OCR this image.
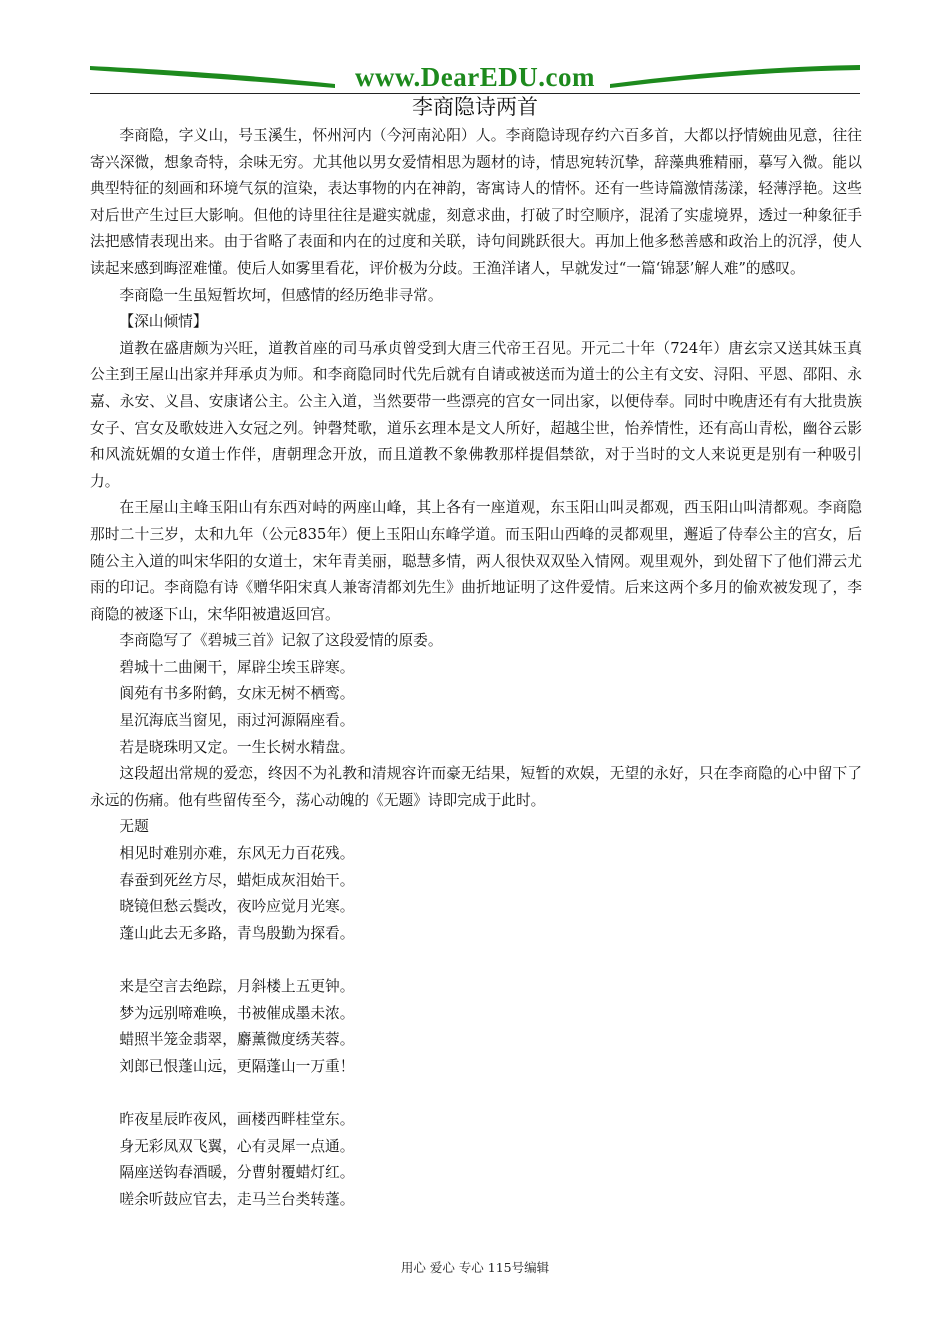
www.DearEDU.com
李商隐诗两首

李商隐，字义山，号玉溪生，怀州河内（今河南沁阳）人。李商隐诗现存约六百多首，大都以抒情婉曲见意，往往寄兴深微，想象奇特，余味无穷。尤其他以男女爱情相思为题材的诗，情思宛转沉挚，辞藻典雅精丽，摹写入微。能以典型特征的刻画和环境气氛的渲染，表达事物的内在神韵，寄寓诗人的情怀。还有一些诗篇激情荡漾，轻薄浮艳。这些对后世产生过巨大影响。但他的诗里往往是避实就虚，刻意求曲，打破了时空顺序，混淆了实虚境界，透过一种象征手法把感情表现出来。由于省略了表面和内在的过度和关联，诗句间跳跃很大。再加上他多愁善感和政治上的沉浮，使人读起来感到晦涩难懂。使后人如雾里看花，评价极为分歧。王渔洋诸人，早就发过“一篇‘锦瑟’解人难”的感叹。

李商隐一生虽短暂坎坷，但感情的经历绝非寻常。

【深山倾情】

道教在盛唐颇为兴旺，道教首座的司马承贞曾受到大唐三代帝王召见。开元二十年（724年）唐玄宗又送其妹玉真公主到王屋山出家并拜承贞为师。和李商隐同时代先后就有自请或被送而为道士的公主有文安、浔阳、平恩、邵阳、永嘉、永安、义昌、安康诸公主。公主入道，当然要带一些漂亮的宫女一同出家，以便侍奉。同时中晚唐还有有大批贵族女子、宫女及歌妓进入女冠之列。钟磬梵歌，道乐玄理本是文人所好，超越尘世，怡养情性，还有高山青松，幽谷云影和风流妩媚的女道士作伴，唐朝理念开放，而且道教不象佛教那样提倡禁欲，对于当时的文人来说更是别有一种吸引力。

在王屋山主峰玉阳山有东西对峙的两座山峰，其上各有一座道观，东玉阳山叫灵都观，西玉阳山叫清都观。李商隐那时二十三岁，太和九年（公元835年）便上玉阳山东峰学道。而玉阳山西峰的灵都观里，邂逅了侍奉公主的宫女，后随公主入道的叫宋华阳的女道士，宋年青美丽，聪慧多情，两人很快双双坠入情网。观里观外，到处留下了他们滞云尤雨的印记。李商隐有诗《赠华阳宋真人兼寄清都刘先生》曲折地证明了这件爱情。后来这两个多月的偷欢被发现了，李商隐的被逐下山，宋华阳被遣返回宫。

李商隐写了《碧城三首》记叙了这段爱情的原委。

碧城十二曲阑干，犀辟尘埃玉辟寒。

阆苑有书多附鹤，女床无树不栖鸾。

星沉海底当窗见，雨过河源隔座看。

若是晓珠明又定。一生长树水精盘。

这段超出常规的爱恋，终因不为礼教和清规容许而豪无结果，短暂的欢娱，无望的永好，只在李商隐的心中留下了永远的伤痛。他有些留传至今，荡心动魄的《无题》诗即完成于此时。

无题

相见时难别亦难，东风无力百花残。

春蚕到死丝方尽，蜡炬成灰泪始干。

晓镜但愁云鬓改，夜吟应觉月光寒。

蓬山此去无多路，青鸟殷勤为探看。

来是空言去绝踪，月斜楼上五更钟。

梦为远别啼难唤，书被催成墨未浓。

蜡照半笼金翡翠，麝薰微度绣芙蓉。

刘郎已恨蓬山远，更隔蓬山一万重！

昨夜星辰昨夜风，画楼西畔桂堂东。

身无彩凤双飞翼，心有灵犀一点通。

隔座送钩春酒暖，分曹射覆蜡灯红。

嗟余听鼓应官去，走马兰台类转蓬。

用心 爱心 专心 115号编辑
